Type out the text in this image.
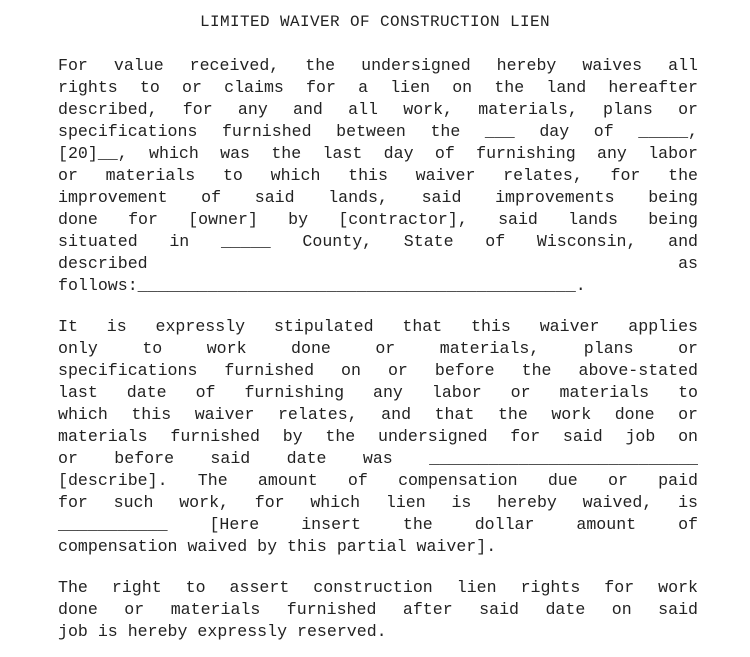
LIMITED WAIVER OF CONSTRUCTION LIEN
For value received, the undersigned hereby waives all
rights to or claims for a lien on the land hereafter
described, for any and all work, materials, plans or
specifications furnished between the ___ day of _____,
[20]__, which was the last day of furnishing any labor
or materials to which this waiver relates, for the
improvement of said lands, said improvements being
done for [owner] by [contractor], said lands being
situated in _____ County, State of Wisconsin, and
described as
follows:____________________________________________.
It is expressly stipulated that this waiver applies
only to work done or materials, plans or
specifications furnished on or before the above-stated
last date of furnishing any labor or materials to
which this waiver relates, and that the work done or
materials furnished by the undersigned for said job on
or before said date was ___________________________
[describe]. The amount of compensation due or paid
for such work, for which lien is hereby waived, is
___________ [Here insert the dollar amount of
compensation waived by this partial waiver].
The right to assert construction lien rights for work
done or materials furnished after said date on said
job is hereby expressly reserved.
